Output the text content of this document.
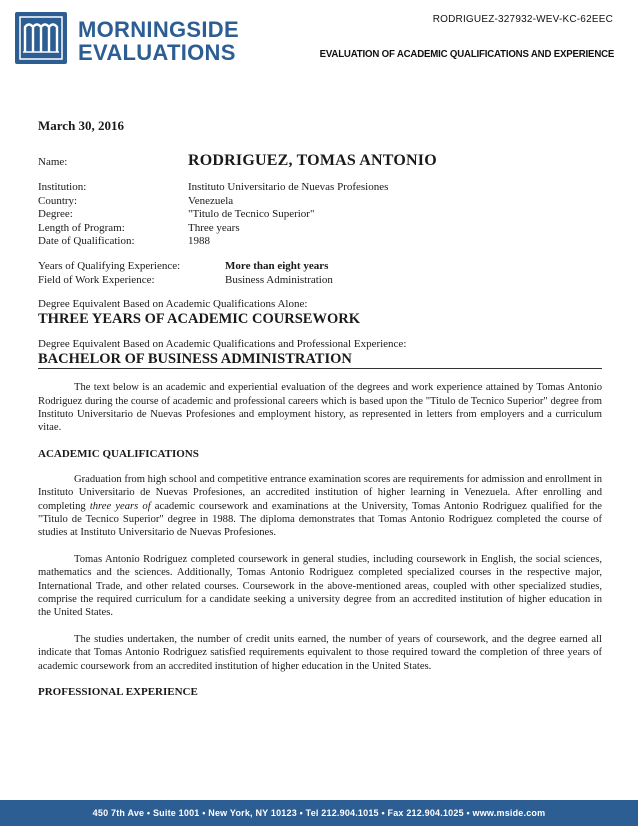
MORNINGSIDE
EVALUATIONS
RODRIGUEZ-327932-WEV-KC-62EEC
EVALUATION OF ACADEMIC QUALIFICATIONS AND EXPERIENCE
March 30, 2016
Name:	RODRIGUEZ, TOMAS ANTONIO
Institution:	Instituto Universitario de Nuevas Profesiones
Country:	Venezuela
Degree:	"Titulo de Tecnico Superior"
Length of Program:	Three years
Date of Qualification:	1988
Years of Qualifying Experience:	More than eight years
Field of Work Experience:	Business Administration
Degree Equivalent Based on Academic Qualifications Alone:
THREE YEARS OF ACADEMIC COURSEWORK
Degree Equivalent Based on Academic Qualifications and Professional Experience:
BACHELOR OF BUSINESS ADMINISTRATION

The text below is an academic and experiential evaluation of the degrees and work experience attained by Tomas Antonio Rodriguez during the course of academic and professional careers which is based upon the "Titulo de Tecnico Superior" degree from Instituto Universitario de Nuevas Profesiones and employment history, as represented in letters from employers and a curriculum vitae.

ACADEMIC QUALIFICATIONS

Graduation from high school and competitive entrance examination scores are requirements for admission and enrollment in Instituto Universitario de Nuevas Profesiones, an accredited institution of higher learning in Venezuela. After enrolling and completing three years of academic coursework and examinations at the University, Tomas Antonio Rodriguez qualified for the "Titulo de Tecnico Superior" degree in 1988. The diploma demonstrates that Tomas Antonio Rodriguez completed the course of studies at Instituto Universitario de Nuevas Profesiones.

Tomas Antonio Rodriguez completed coursework in general studies, including coursework in English, the social sciences, mathematics and the sciences. Additionally, Tomas Antonio Rodriguez completed specialized courses in the respective major, International Trade, and other related courses. Coursework in the above-mentioned areas, coupled with other specialized studies, comprise the required curriculum for a candidate seeking a university degree from an accredited institution of higher education in the United States.

The studies undertaken, the number of credit units earned, the number of years of coursework, and the degree earned all indicate that Tomas Antonio Rodriguez satisfied requirements equivalent to those required toward the completion of three years of academic coursework from an accredited institution of higher education in the United States.

PROFESSIONAL EXPERIENCE
450 7th Ave • Suite 1001 • New York, NY 10123 • Tel 212.904.1015 • Fax 212.904.1025 • www.mside.com
